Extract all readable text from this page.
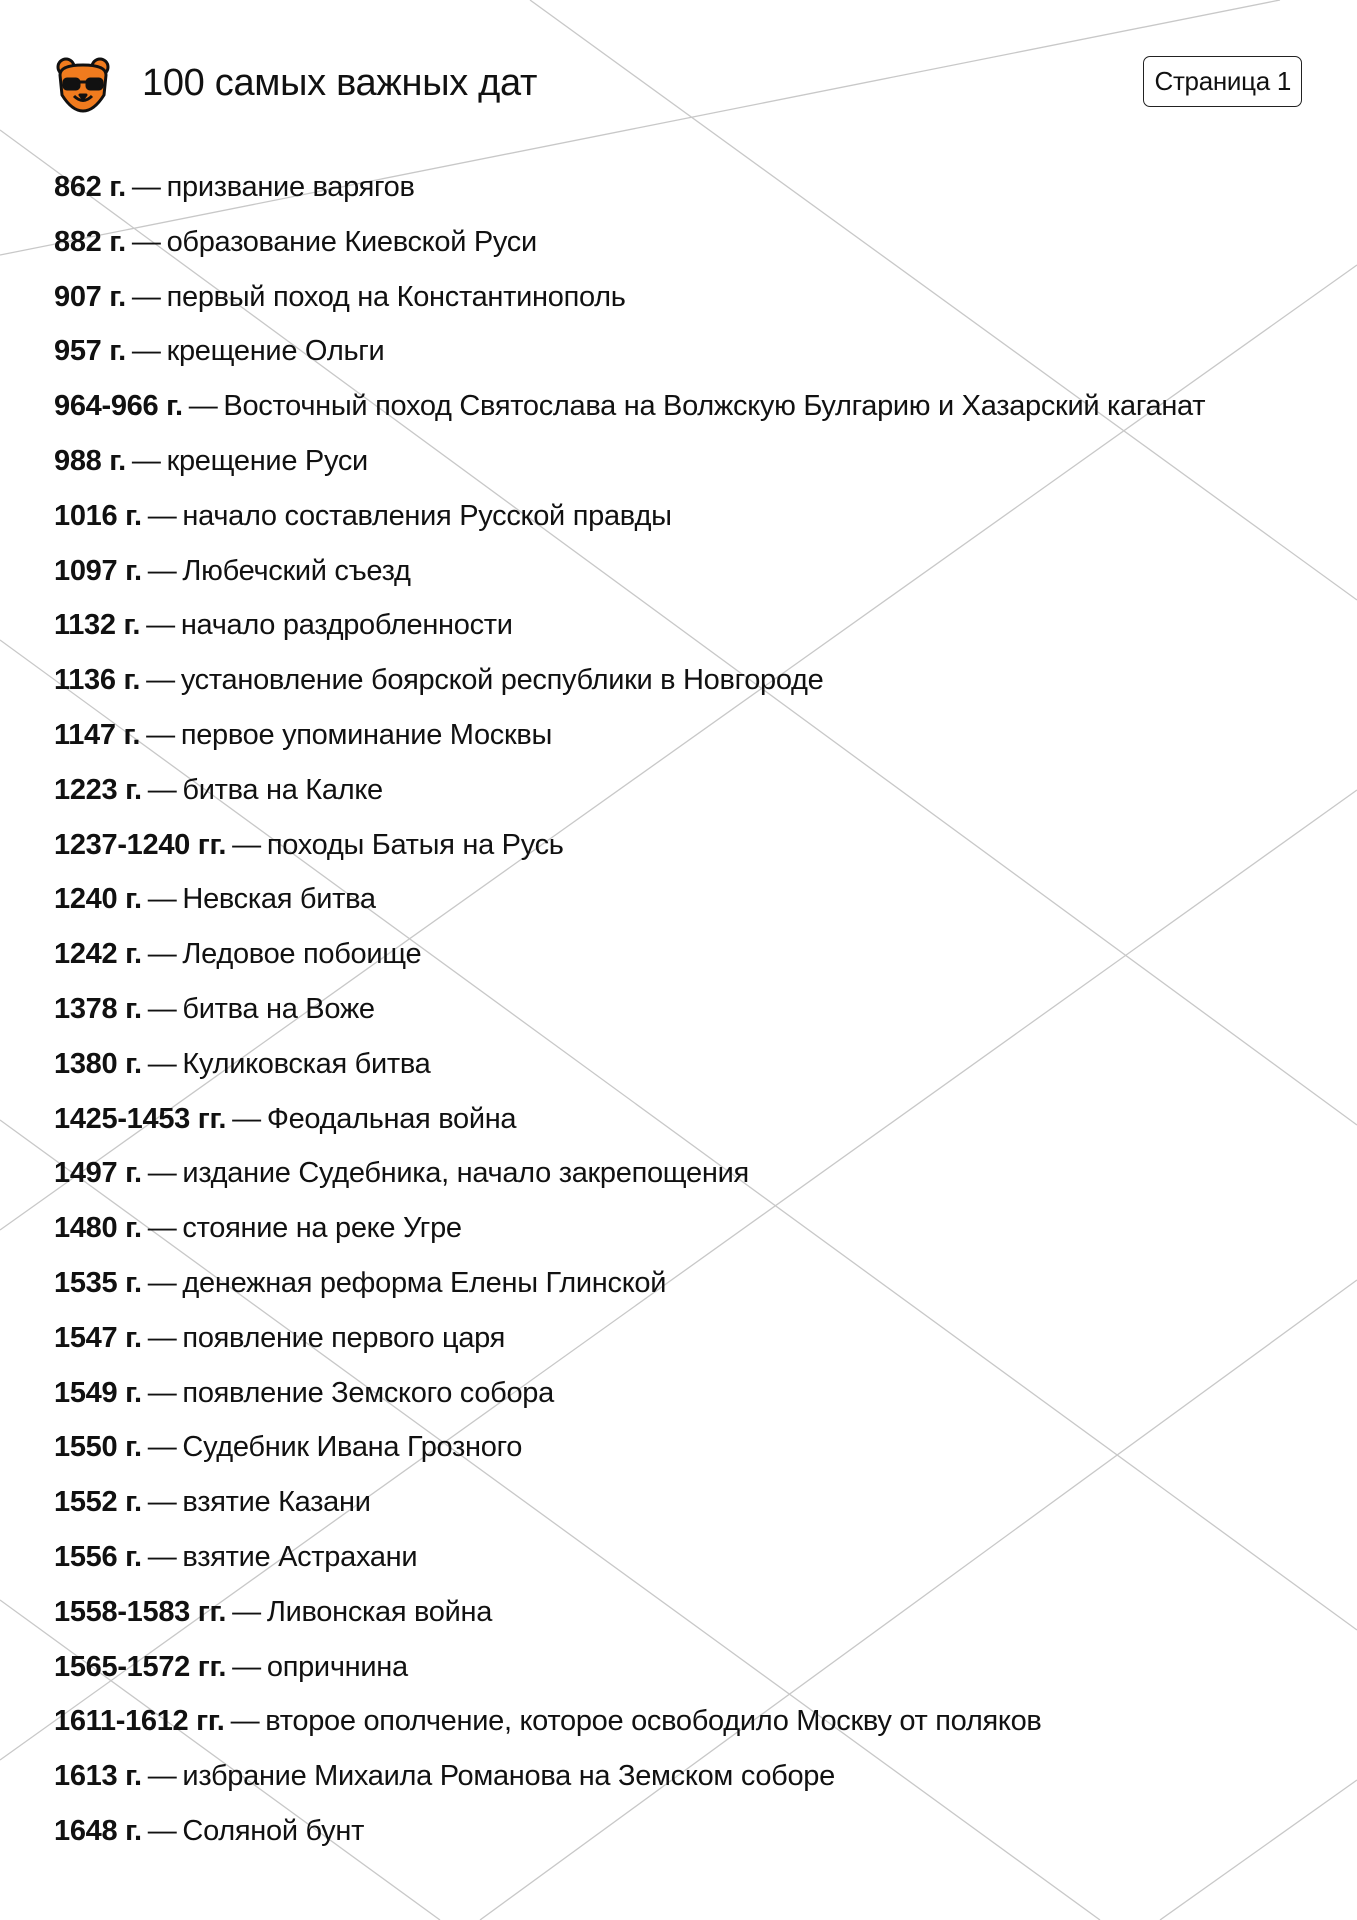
100 самых важных дат	Страница 1
862 г. — призвание варягов
882 г. — образование Киевской Руси
907 г. — первый поход на Константинополь
957 г. — крещение Ольги
964-966 г. — Восточный поход Святослава на Волжскую Булгарию и Хазарский каганат
988 г. — крещение Руси
1016 г. — начало составления Русской правды
1097 г. — Любечский съезд
1132 г. — начало раздробленности
1136 г. — установление боярской республики в Новгороде
1147 г. — первое упоминание Москвы
1223 г. — битва на Калке
1237-1240 гг. — походы Батыя на Русь
1240 г. — Невская битва
1242 г. — Ледовое побоище
1378 г. — битва на Воже
1380 г. — Куликовская битва
1425-1453 гг. — Феодальная война
1497 г. — издание Судебника, начало закрепощения
1480 г. — стояние на реке Угре
1535 г. — денежная реформа Елены Глинской
1547 г. — появление первого царя
1549 г. — появление Земского собора
1550 г. — Судебник Ивана Грозного
1552 г. — взятие Казани
1556 г. — взятие Астрахани
1558-1583 гг. — Ливонская война
1565-1572 гг. — опричнина
1611-1612 гг. — второе ополчение, которое освободило Москву от поляков
1613 г. — избрание Михаила Романова на Земском соборе
1648 г. — Соляной бунт
